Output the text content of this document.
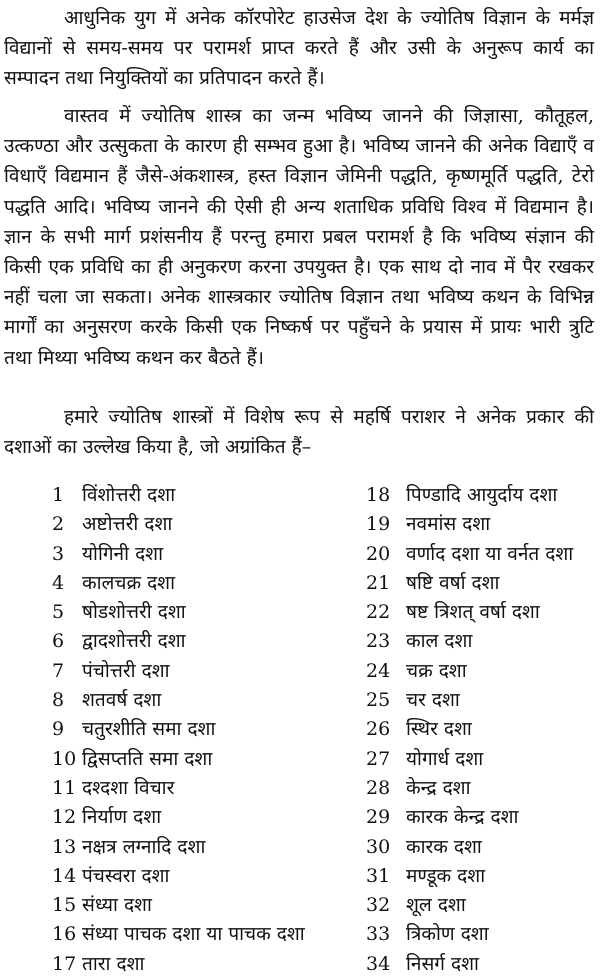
आधुनिक युग में अनेक कॉरपोरेट हाउसेज देश के ज्योतिष विज्ञान के मर्मज्ञ विद्यानों से समय-समय पर परामर्श प्राप्त करते हैं और उसी के अनुरूप कार्य का सम्पादन तथा नियुक्तियों का प्रतिपादन करते हैं।

वास्तव में ज्योतिष शास्त्र का जन्म भविष्य जानने की जिज्ञासा, कौतूहल, उत्कण्ठा और उत्सुकता के कारण ही सम्भव हुआ है। भविष्य जानने की अनेक विद्याएँ व विधाएँ विद्यमान हैं जैसे-अंकशास्त्र, हस्त विज्ञान जेमिनी पद्धति, कृष्णमूर्ति पद्धति, टेरो पद्धति आदि। भविष्य जानने की ऐसी ही अन्य शताधिक प्रविधि विश्व में विद्यमान है। ज्ञान के सभी मार्ग प्रशंसनीय हैं परन्तु हमारा प्रबल परामर्श है कि भविष्य संज्ञान की किसी एक प्रविधि का ही अनुकरण करना उपयुक्त है। एक साथ दो नाव में पैर रखकर नहीं चला जा सकता। अनेक शास्त्रकार ज्योतिष विज्ञान तथा भविष्य कथन के विभिन्न मार्गों का अनुसरण करके किसी एक निष्कर्ष पर पहुँचने के प्रयास में प्रायः भारी त्रुटि तथा मिथ्या भविष्य कथन कर बैठते हैं।

हमारे ज्योतिष शास्त्रों में विशेष रूप से महर्षि पराशर ने अनेक प्रकार की दशाओं का उल्लेख किया है, जो अग्रांकित हैं–

1 विंशोत्तरी दशा
2 अष्टोत्तरी दशा
3 योगिनी दशा
4 कालचक्र दशा
5 षोडशोत्तरी दशा
6 द्वादशोत्तरी दशा
7 पंचोत्तरी दशा
8 शतवर्ष दशा
9 चतुरशीति समा दशा
10 द्विसप्तति समा दशा
11 दश्दशा विचार
12 निर्याण दशा
13 नक्षत्र लग्नादि दशा
14 पंचस्वरा दशा
15 संध्या दशा
16 संध्या पाचक दशा या पाचक दशा
17 तारा दशा
18 पिण्डादि आयुर्दाय दशा
19 नवमांस दशा
20 वर्णाद दशा या वर्नत दशा
21 षष्टि वर्षा दशा
22 षष्ट त्रिशत् वर्षा दशा
23 काल दशा
24 चक्र दशा
25 चर दशा
26 स्थिर दशा
27 योगार्ध दशा
28 केन्द्र दशा
29 कारक केन्द्र दशा
30 कारक दशा
31 मण्डूक दशा
32 शूल दशा
33 त्रिकोण दशा
34 निसर्ग दशा
